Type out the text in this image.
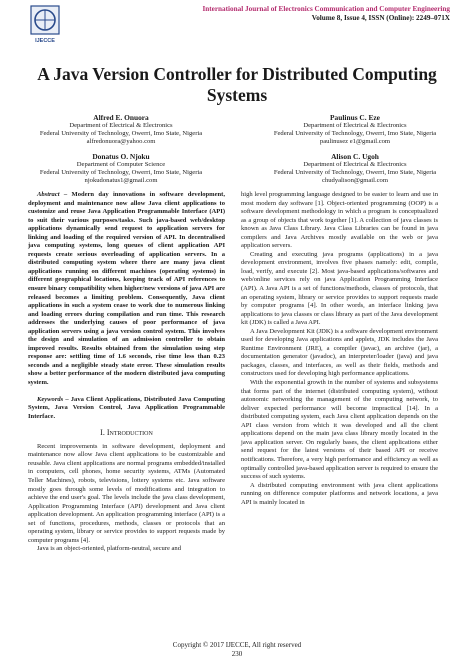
IJECCE
International Journal of Electronics Communication and Computer Engineering
Volume 8, Issue 4, ISSN (Online): 2249–071X
A Java Version Controller for Distributed Computing Systems
Alfred E. Onuora
Department of Electrical & Electronics
Federal University of Technology, Owerri, Imo State, Nigeria
alfredonuora@yahoo.com
Paulinus C. Eze
Department of Electrical & Electronics
Federal University of Technology, Owerri, Imo State, Nigeria
paulinusez e1@gmail.com
Donatus O. Njoku
Department of Computer Science
Federal University of Technology, Owerri, Imo State, Nigeria
njokudonatus1@gmail.com
Alison C. Ugoh
Department of Electrical & Electronics
Federal University of Technology, Owerri, Imo State, Nigeria
chudyalison@gmail.com

Abstract – Modern day innovations in software development, deployment and maintenance now allow Java client applications to customize and reuse Java Application Programmable Interface (API) to suit their various purposes/tasks. Such java-based web/desktop applications dynamically send request to application servers for linking and loading of the required version of API. In decentralised java computing systems, long queues of client application API requests create serious overloading of application servers. In a distributed computing system where there are many java client applications running on different machines (operating systems) in different geographical locations, keeping track of API references to ensure binary compatibility when higher/new versions of java API are released becomes a limiting problem. Consequently, Java client applications in such a system cease to work due to numerous linking and loading errors during compilation and run time. This research addresses the underlying causes of poor performance of java application servers using a java version control system. This involves the design and simulation of an admission controller to obtain improved results. Results obtained from the simulation using step response are: settling time of 1.6 seconds, rise time less than 0.23 seconds and a negligible steady state error. These simulation results show a better performance of the modern distributed java computing system.

Keywords – Java Client Applications, Distributed Java Computing System, Java Version Control, Java Application Programmable Interface.

I. Introduction

Recent improvements in software development, deployment and maintenance now allow Java client applications to be customizable and reusable. Java client applications are normal programs embedded/installed in computers, cell phones, home security systems, ATMs (Automated Teller Machines), robots, televisions, lottery systems etc. Java software mostly goes through some levels of modifications and integration to achieve the end user's goal. The levels include the java class development, Application Programming Interface (API) development and Java client application development. An application programming interface (API) is a set of functions, procedures, methods, classes or protocols that an operating system, library or service provides to support requests made by computer programs [4].

Java is an object-oriented, platform-neutral, secure and

high level programming language designed to be easier to learn and use in most modern day software [1]. Object-oriented programming (OOP) is a software development methodology in which a program is conceptualized as a group of objects that work together [1]. A collection of java classes is known as Java Class Library. Java Class Libraries can be found in java compilers and Java Archives mostly available on the web or java application servers.

Creating and executing java programs (applications) in a java development environment, involves five phases namely: edit, compile, load, verify, and execute [2]. Most java-based applications/softwares and web/online services rely on java Application Programming Interface (API). A Java API is a set of functions/methods, classes of protocols, that an operating system, library or service provides to support requests made by computer programs [4]. In other words, an interface linking java applications to java classes or class library as part of the Java development kit (JDK) is called a Java API.

A Java Development Kit (JDK) is a software development environment used for developing Java applications and applets, JDK includes the Java Runtime Environment (JRE), a compiler (javac), an archive (jar), a documentation generator (javadoc), an interpreter/loader (java) and java packages, classes, and interfaces, as well as their fields, methods and constructors used for developing high performance applications.

With the exponential growth in the number of systems and subsystems that forms part of the internet (distributed computing system), without autonomic networking the management of the computing network, to deliver expected performance will become impractical [14]. In a distributed computing system, each Java client application depends on the API class version from which it was developed and all the client applications depend on the main java class library mostly located in the java application server. On regularly bases, the client applications either send request for the latest versions of their based API or receive notifications. Therefore, a very high performance and efficiency as well as optimally controlled java-based application server is required to ensure the success of such systems.

A distributed computing environment with java client applications running on difference computer platforms and network locations, a java API is mainly located in

Copyright © 2017 IJECCE, All right reserved
230
